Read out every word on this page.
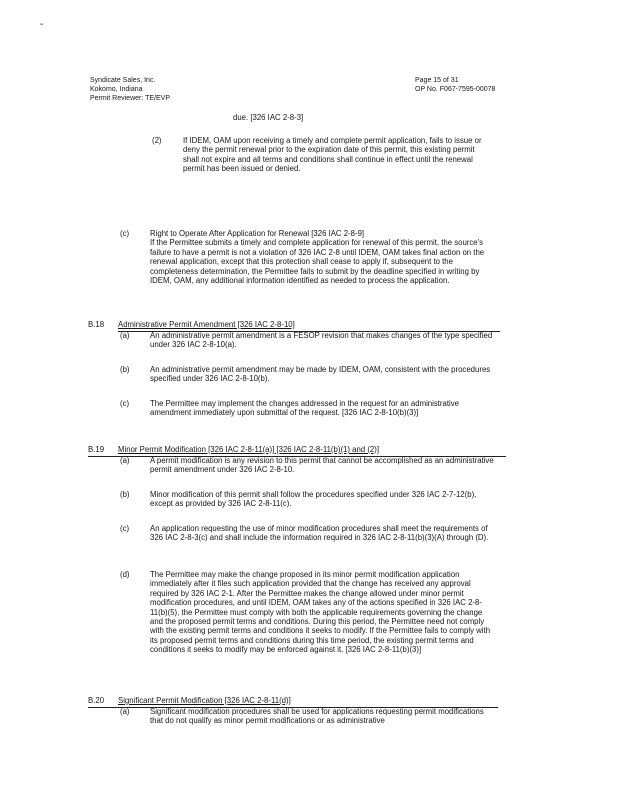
-
Syndicate Sales, Inc.
Kokomo, Indiana
Permit Reviewer: TE/EVP
Page 15 of 31
OP No. F067-7595-00078
due. [326 IAC 2-8-3]
(2)	If IDEM, OAM upon receiving a timely and complete permit application, fails to issue or deny the permit renewal prior to the expiration date of this permit, this existing permit shall not expire and all terms and conditions shall continue in effect until the renewal permit has been issued or denied.
(c)	Right to Operate After Application for Renewal [326 IAC 2-8-9]
If the Permittee submits a timely and complete application for renewal of this permit, the source's failure to have a permit is not a violation of 326 IAC 2-8 until IDEM, OAM takes final action on the renewal application, except that this protection shall cease to apply if, subsequent to the completeness determination, the Permittee fails to submit by the deadline specified in writing by IDEM, OAM, any additional information identified as needed to process the application.
B.18 Administrative Permit Amendment [326 IAC 2-8-10]
(a)	An administrative permit amendment is a FESOP revision that makes changes of the type specified under 326 IAC 2-8-10(a).
(b)	An administrative permit amendment may be made by IDEM, OAM, consistent with the procedures specified under 326 IAC 2-8-10(b).
(c)	The Permittee may implement the changes addressed in the request for an administrative amendment immediately upon submittal of the request. [326 IAC 2-8-10(b)(3)]
B.19 Minor Permit Modification [326 IAC 2-8-11(a)] [326 IAC 2-8-11(b)(1) and (2)]
(a)	A permit modification is any revision to this permit that cannot be accomplished as an administrative permit amendment under 326 IAC 2-8-10.
(b)	Minor modification of this permit shall follow the procedures specified under 326 IAC 2-7-12(b), except as provided by 326 IAC 2-8-11(c).
(c)	An application requesting the use of minor modification procedures shall meet the requirements of 326 IAC 2-8-3(c) and shall include the information required in 326 IAC 2-8-11(b)(3)(A) through (D).
(d)	The Permittee may make the change proposed in its minor permit modification application immediately after it files such application provided that the change has received any approval required by 326 IAC 2-1. After the Permittee makes the change allowed under minor permit modification procedures, and until IDEM, OAM takes any of the actions specified in 326 IAC 2-8-11(b)(5), the Permittee must comply with both the applicable requirements governing the change and the proposed permit terms and conditions. During this period, the Permittee need not comply with the existing permit terms and conditions it seeks to modify. If the Permittee fails to comply with its proposed permit terms and conditions during this time period, the existing permit terms and conditions it seeks to modify may be enforced against it. [326 IAC 2-8-11(b)(3)]
B.20 Significant Permit Modification [326 IAC 2-8-11(d)]
(a)	Significant modification procedures shall be used for applications requesting permit modifications that do not qualify as minor permit modifications or as administrative
